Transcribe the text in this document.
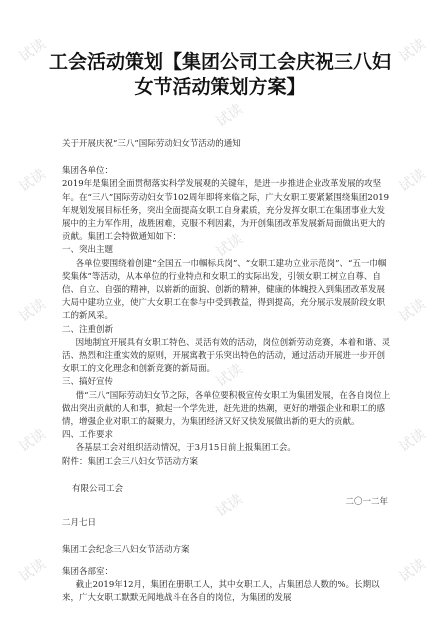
试读	试读
试读	试读
试读
试读	试读
试读
试读	试读
试读
试读	试读
试读
工会活动策划【集团公司工会庆祝三八妇女节活动策划方案】

关于开展庆祝“三八”国际劳动妇女节活动的通知

集团各单位：

2019年是集团全面贯彻落实科学发展观的关键年，是进一步推进企业改革发展的攻坚年。在“三八”国际劳动妇女节102周年即将来临之际，广大女职工要紧紧围绕集团2019年规划发展目标任务，突出全面提高女职工自身素质，充分发挥女职工在集团事业大发展中的主力军作用，战胜困难，克服不利因素，为开创集团改革发展新局面做出更大的贡献。集团工会特做通知如下：

一、突出主题

各单位要围绕着创建“全国五一巾帼标兵岗”、“女职工建功立业示范岗”、“五一巾帼奖集体”等活动，从本单位的行业特点和女职工的实际出发，引领女职工树立自尊、自信、自立、自强的精神，以崭新的面貌、创新的精神，健康的体魄投入到集团改革发展大局中建功立业，使广大女职工在参与中受到教益，得到提高，充分展示发展阶段女职工的新风采。

二、注重创新

因地制宜开展具有女职工特色、灵活有效的活动，岗位创新劳动竞赛，本着和谐、灵活、热烈和注重实效的原则，开展寓教于乐突出特色的活动，通过活动开展进一步开创女职工的文化理念和创新竞赛的新局面。

三、搞好宣传

借“三八”国际劳动妇女节之际，各单位要积极宣传女职工为集团发展，在各自岗位上做出突出贡献的人和事，掀起一个学先进，赶先进的热潮，更好的增强企业和职工的感情，增强企业对职工的凝聚力，为集团经济又好又快发展做出新的更大的贡献。

四、工作要求

各基层工会对组织活动情况，于3月15日前上报集团工会。

附件：集团工会三八妇女节活动方案

有限公司工会

二〇一二年

二月七日

集团工会纪念三八妇女节活动方案

集团各部室：

截止2019年12月，集团在册职工人，其中女职工人，占集团总人数的%。长期以来，广大女职工默默无闻地战斗在各自的岗位，为集团的发展
